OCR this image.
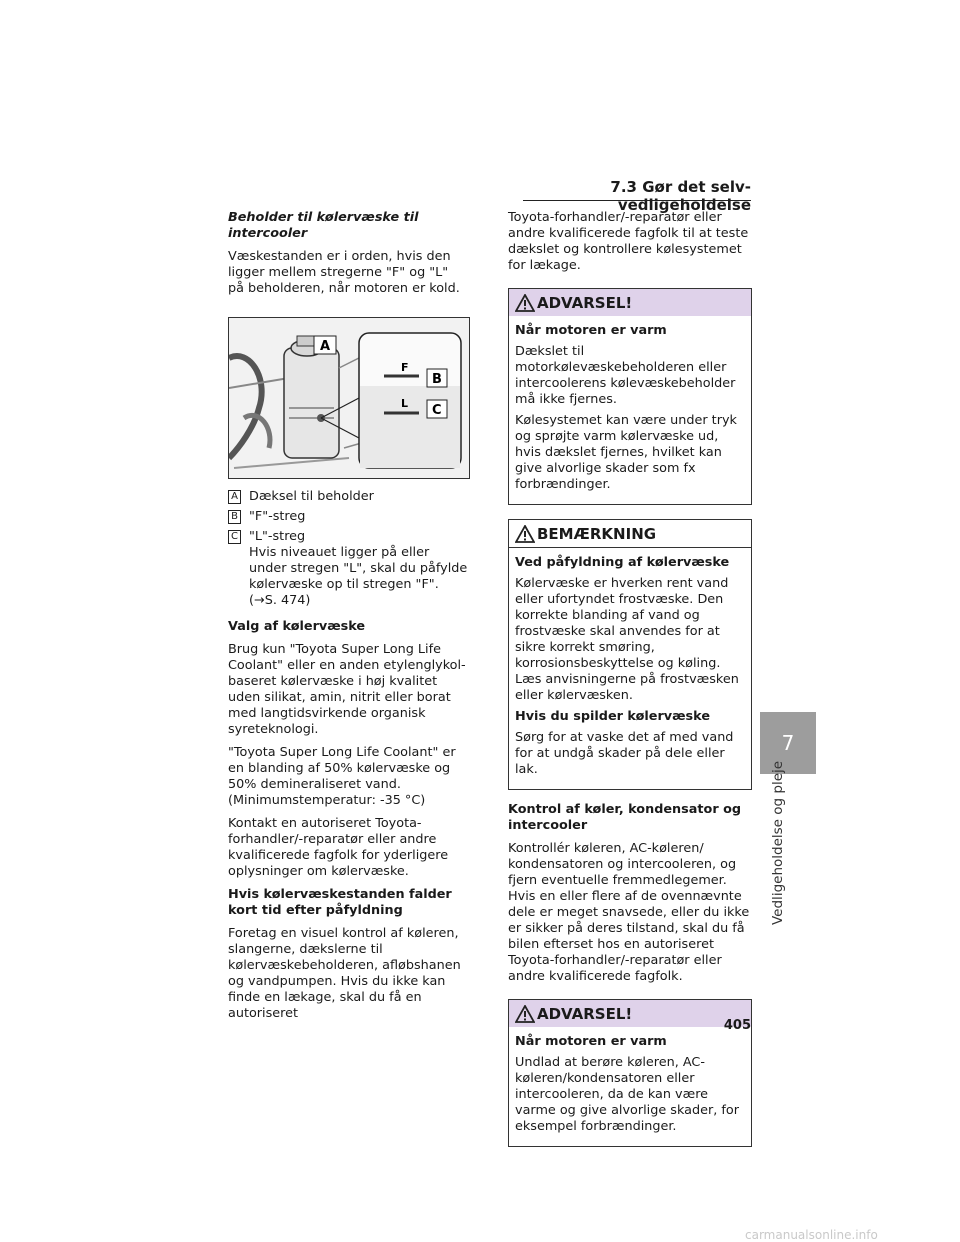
7.3 Gør det selv-vedligeholdelse

Beholder til kølervæske til intercooler

Væskestanden er i orden, hvis den ligger mellem stregerne "F" og "L" på beholderen, når motoren er kold.

F
L
A
B
C
A Dæksel til beholder
B "F"-streg
C "L"-streg
Hvis niveauet ligger på eller under stregen "L", skal du påfylde kølervæske op til stregen "F". (→S. 474)

Valg af kølervæske

Brug kun "Toyota Super Long Life Coolant" eller en anden etylenglykol-baseret kølervæske i høj kvalitet uden silikat, amin, nitrit eller borat med langtidsvirkende organisk syreteknologi.

"Toyota Super Long Life Coolant" er en blanding af 50% kølervæske og 50% demineraliseret vand. (Minimumstemperatur: -35 °C)

Kontakt en autoriseret Toyota-forhandler/-reparatør eller andre kvalificerede fagfolk for yderligere oplysninger om kølervæske.

Hvis kølervæskestanden falder kort tid efter påfyldning

Foretag en visuel kontrol af køleren, slangerne, dækslerne til kølervæskebeholderen, afløbshanen og vandpumpen. Hvis du ikke kan finde en lækage, skal du få en autoriseret

Toyota-forhandler/-reparatør eller andre kvalificerede fagfolk til at teste dækslet og kontrollere kølesystemet for lækage.

ADVARSEL!

Når motoren er varm

Dækslet til motorkølevæskebeholderen eller intercoolerens kølevæskebeholder må ikke fjernes.

Kølesystemet kan være under tryk og sprøjte varm kølervæske ud, hvis dækslet fjernes, hvilket kan give alvorlige skader som fx forbrændinger.

BEMÆRKNING

Ved påfyldning af kølervæske

Kølervæske er hverken rent vand eller ufortyndet frostvæske. Den korrekte blanding af vand og frostvæske skal anvendes for at sikre korrekt smøring, korrosionsbeskyttelse og køling. Læs anvisningerne på frostvæsken eller kølervæsken.

Hvis du spilder kølervæske

Sørg for at vaske det af med vand for at undgå skader på dele eller lak.

Kontrol af køler, kondensator og intercooler

Kontrollér køleren, AC-køleren/ kondensatoren og intercooleren, og fjern eventuelle fremmedlegemer. Hvis en eller flere af de ovennævnte dele er meget snavsede, eller du ikke er sikker på deres tilstand, skal du få bilen efterset hos en autoriseret Toyota-forhandler/-reparatør eller andre kvalificerede fagfolk.

ADVARSEL!

Når motoren er varm

Undlad at berøre køleren, AC-køleren/kondensatoren eller intercooleren, da de kan være varme og give alvorlige skader, for eksempel forbrændinger.

7
Vedligeholdelse og pleje
405
carmanualsonline.info
